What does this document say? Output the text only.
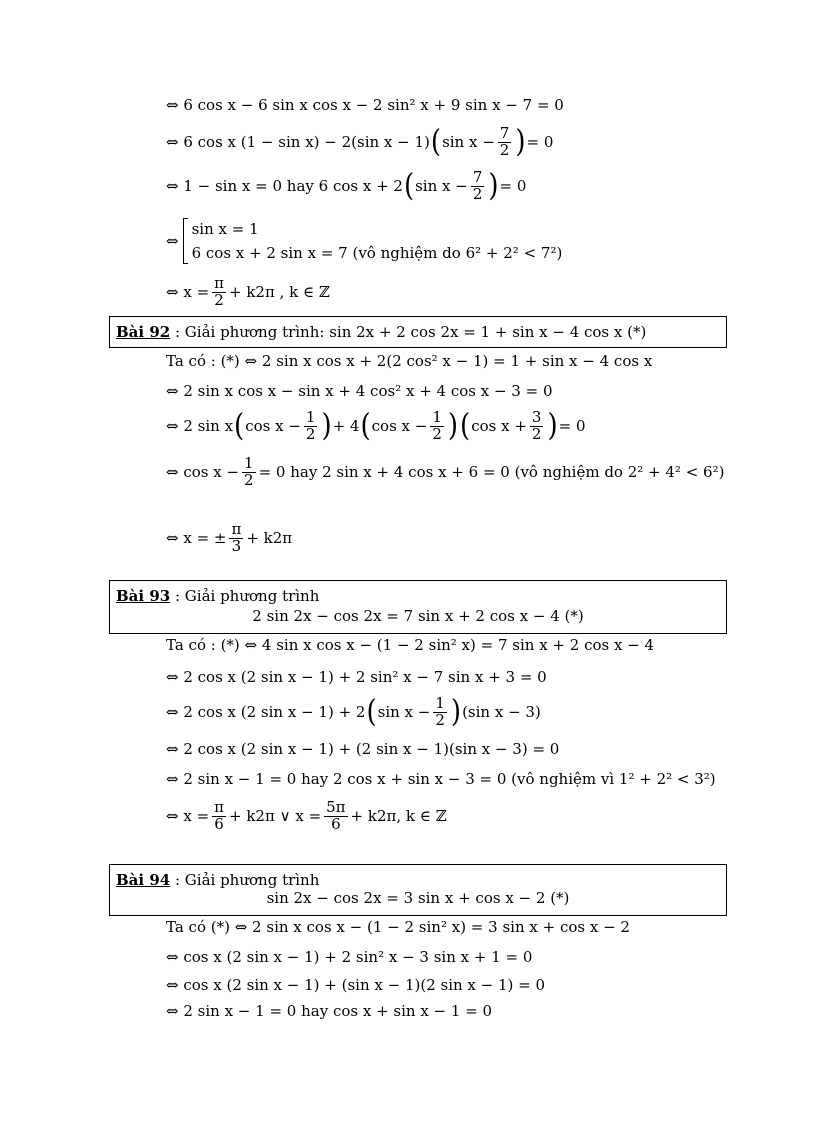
⇔ 6 cos x − 6 sin x cos x − 2 sin² x + 9 sin x − 7 = 0
⇔ 6 cos x (1 − sin x) − 2(sin x − 1) ( $\sin x - \frac{7}{2}$ ) = 0
⇔ 1 − sin x = 0 hay 6 cos x + 2 ( $\sin x - \frac{7}{2}$ ) = 0
⇔
sin x = 1
6 cos x + 2 sin x = 7 (vô nghiệm do 6² + 2² < 7²)
⇔ $x = \frac{\pi}{2} + k2\pi$ , k ∈ ℤ
Bài 92 : Giải phương trình: sin 2x + 2 cos 2x = 1 + sin x − 4 cos x (*)
Ta có : (*) ⇔ 2 sin x cos x + 2(2 cos² x − 1) = 1 + sin x − 4 cos x
⇔ 2 sin x cos x − sin x + 4 cos² x + 4 cos x − 3 = 0
⇔ 2 sin x ( $\cos x - \frac{1}{2}$ ) + 4 ( $\cos x - \frac{1}{2}$ ) ( $\cos x + \frac{3}{2}$ ) = 0
⇔ $\cos x - \frac{1}{2} = 0$ hay 2 sin x + 4 cos x + 6 = 0 (vô nghiệm do 2² + 4² < 6²)
⇔ x = ± $\frac{\pi}{3} + k2\pi$
Bài 93 : Giải phương trình
2 sin 2x − cos 2x = 7 sin x + 2 cos x − 4 (*)
Ta có : (*) ⇔ 4 sin x cos x − (1 − 2 sin² x) = 7 sin x + 2 cos x − 4
⇔ 2 cos x (2 sin x − 1) + 2 sin² x − 7 sin x + 3 = 0
⇔ 2 cos x (2 sin x − 1) + 2 ( $\sin x - \frac{1}{2}$ ) (sin x − 3)
⇔ 2 cos x (2 sin x − 1) + (2 sin x − 1)(sin x − 3) = 0
⇔ 2 sin x − 1 = 0 hay 2 cos x + sin x − 3 = 0 (vô nghiệm vì 1² + 2² < 3²)
⇔ $x = \frac{\pi}{6} + k2\pi$ ∨ $x = \frac{5\pi}{6} + k2\pi$, k ∈ ℤ
Bài 94 : Giải phương trình
sin 2x − cos 2x = 3 sin x + cos x − 2 (*)
Ta có (*) ⇔ 2 sin x cos x − (1 − 2 sin² x) = 3 sin x + cos x − 2
⇔ cos x (2 sin x − 1) + 2 sin² x − 3 sin x + 1 = 0
⇔ cos x (2 sin x − 1) + (sin x − 1)(2 sin x − 1) = 0
⇔ 2 sin x − 1 = 0 hay cos x + sin x − 1 = 0
